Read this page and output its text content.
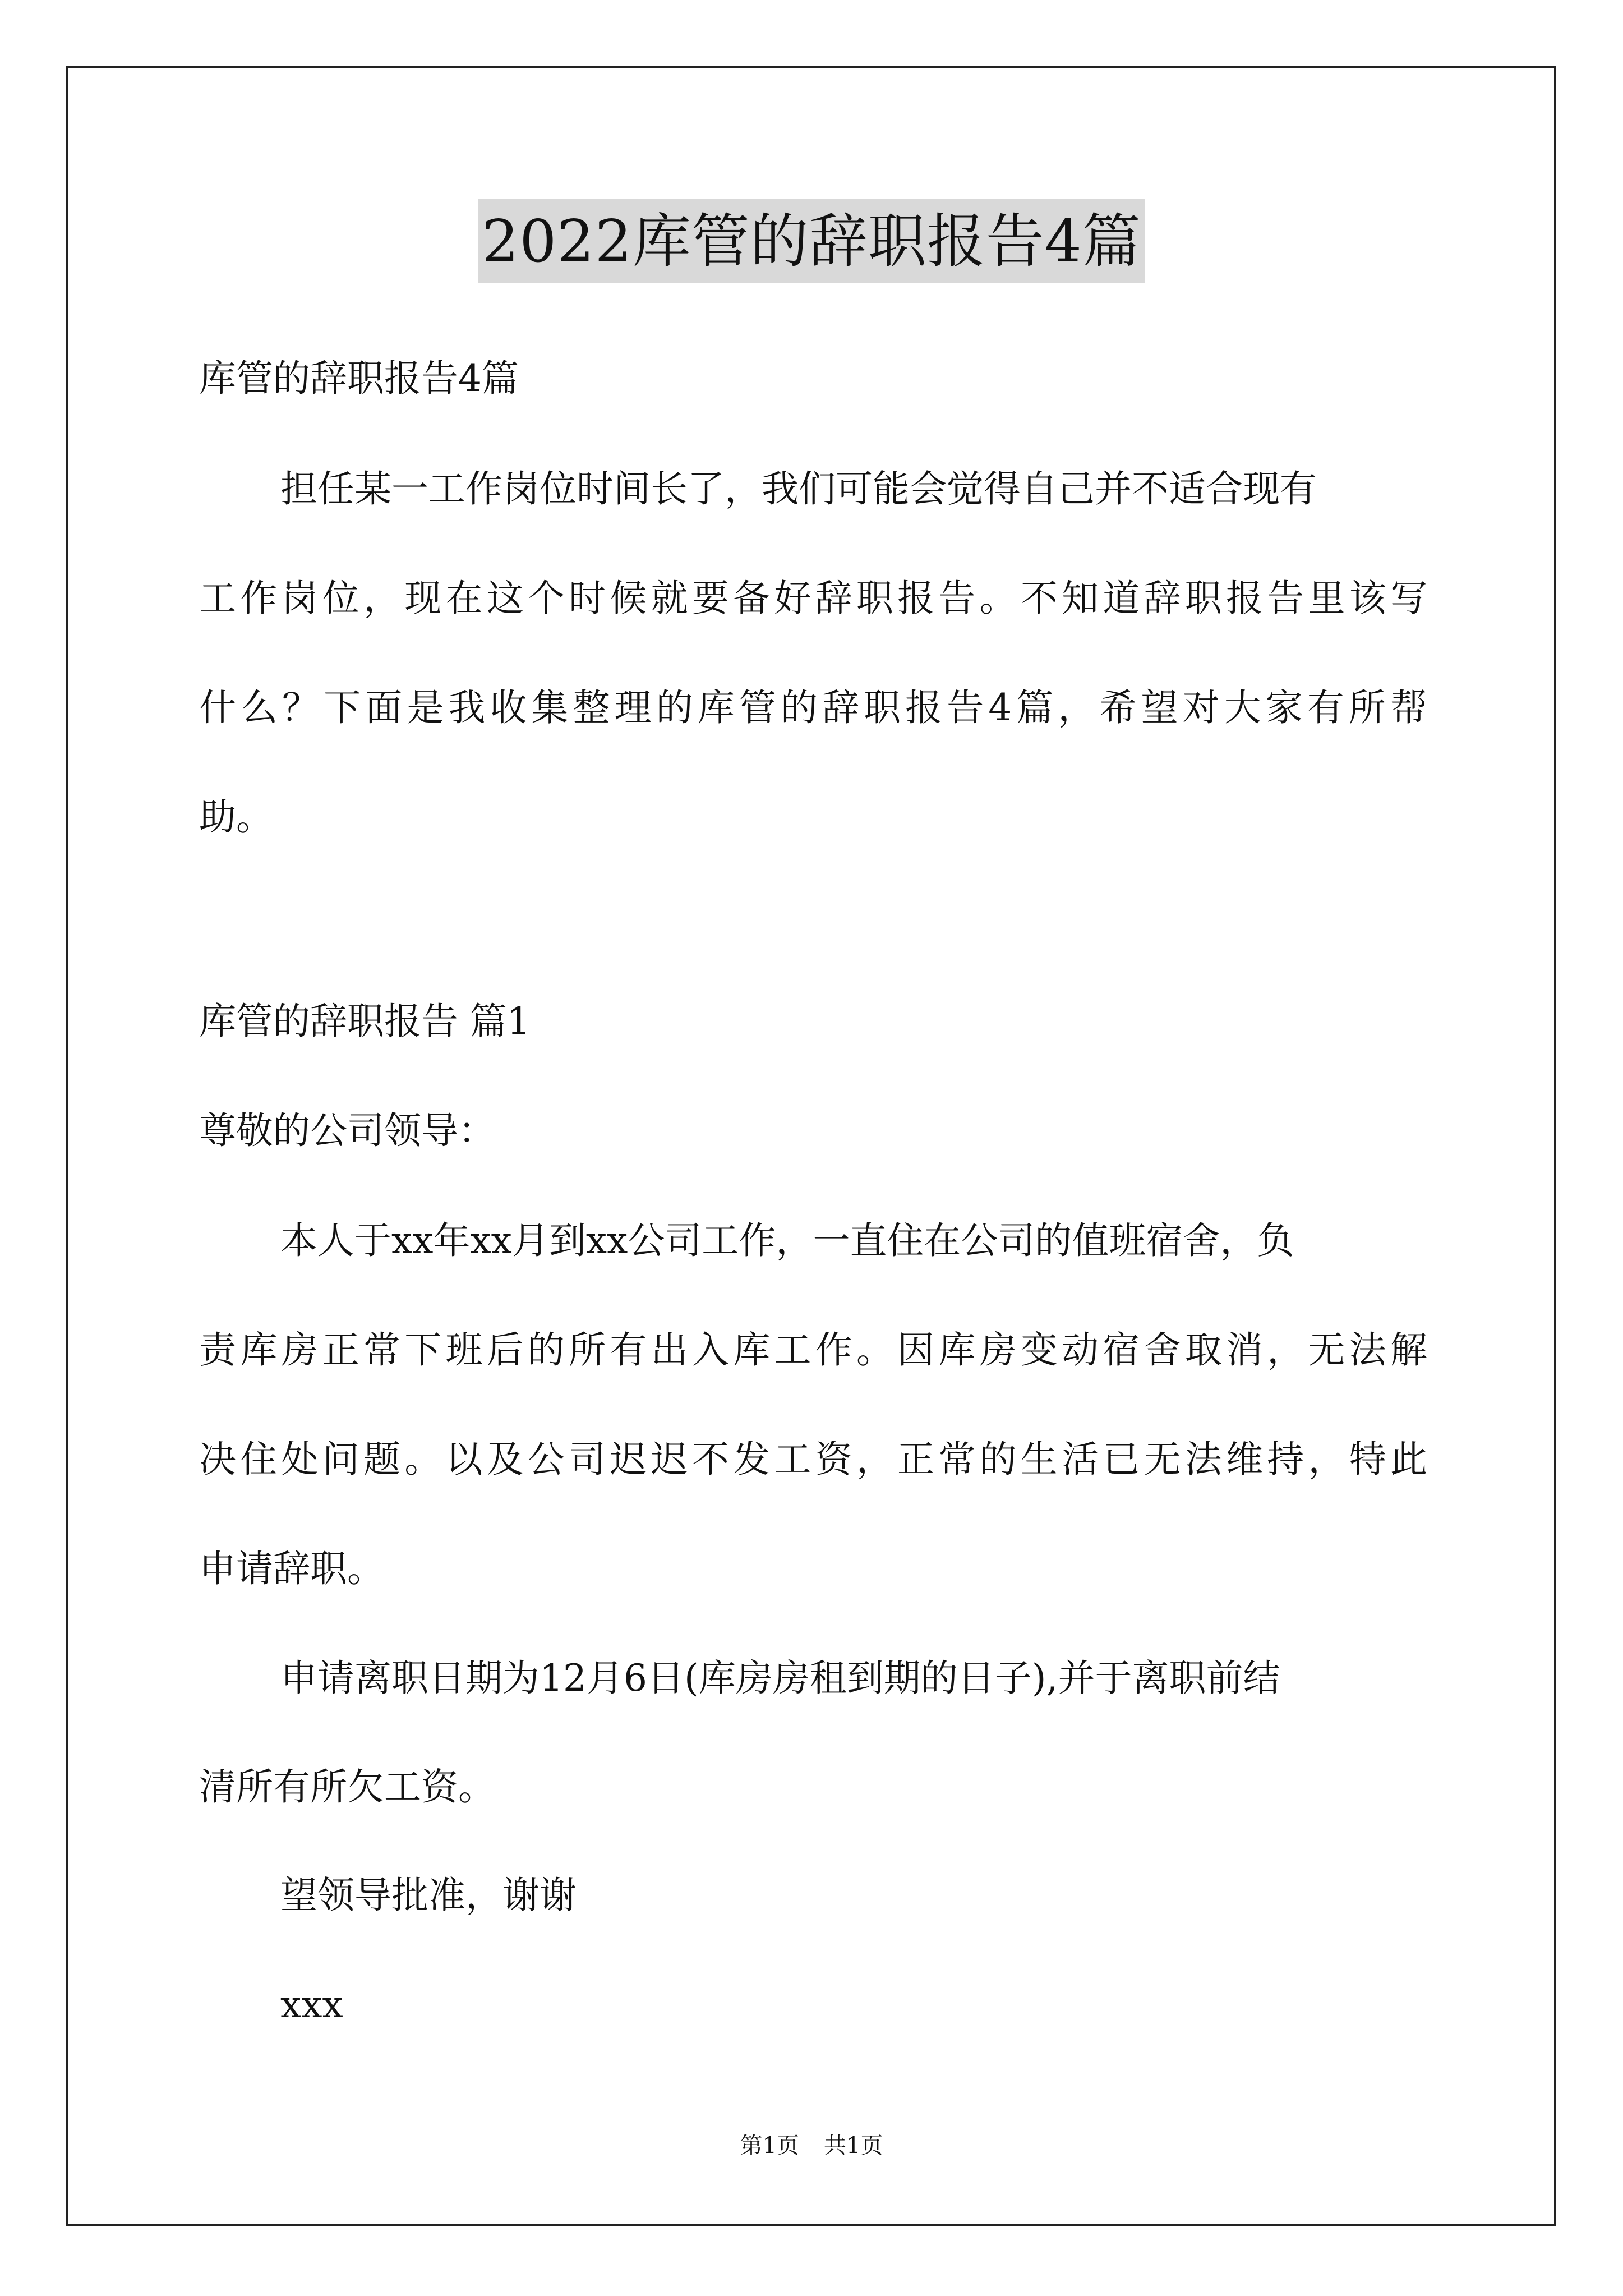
2022库管的辞职报告4篇
库管的辞职报告4篇
担任某一工作岗位时间长了，我们可能会觉得自己并不适合现有
工作岗位，现在这个时候就要备好辞职报告。不知道辞职报告里该写
什么？下面是我收集整理的库管的辞职报告4篇，希望对大家有所帮
助。
库管的辞职报告 篇1
尊敬的公司领导：
本人于xx年xx月到xx公司工作，一直住在公司的值班宿舍，负
责库房正常下班后的所有出入库工作。因库房变动宿舍取消，无法解
决住处问题。以及公司迟迟不发工资，正常的生活已无法维持，特此
申请辞职。
申请离职日期为12月6日(库房房租到期的日子),并于离职前结
清所有所欠工资。
望领导批准，谢谢
xxx
第1页 共1页
